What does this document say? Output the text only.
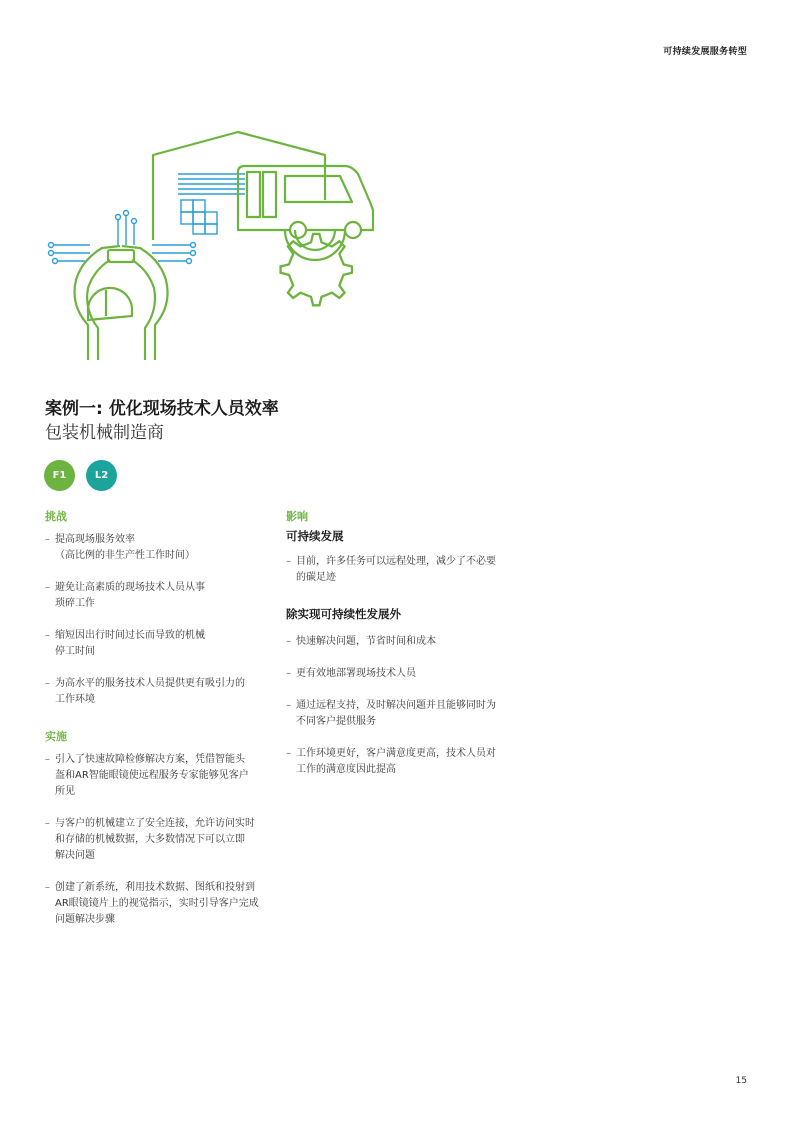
可持续发展服务转型
案例一: 优化现场技术人员效率
包装机械制造商
F1	L2
挑战
– 提高现场服务效率
（高比例的非生产性工作时间）
– 避免让高素质的现场技术人员从事
琐碎工作
– 缩短因出行时间过长而导致的机械
停工时间
– 为高水平的服务技术人员提供更有吸引力的
工作环境
实施
– 引入了快速故障检修解决方案，凭借智能头
盔和AR智能眼镜使远程服务专家能够见客户
所见
– 与客户的机械建立了安全连接，允许访问实时
和存储的机械数据，大多数情况下可以立即
解决问题
– 创建了新系统，利用技术数据、图纸和投射到
AR眼镜镜片上的视觉指示，实时引导客户完成
问题解决步骤
影响
可持续发展
– 目前，许多任务可以远程处理，减少了不必要
的碳足迹
除实现可持续性发展外
– 快速解决问题，节省时间和成本
– 更有效地部署现场技术人员
– 通过远程支持，及时解决问题并且能够同时为
不同客户提供服务
– 工作环境更好，客户满意度更高，技术人员对
工作的满意度因此提高
15
